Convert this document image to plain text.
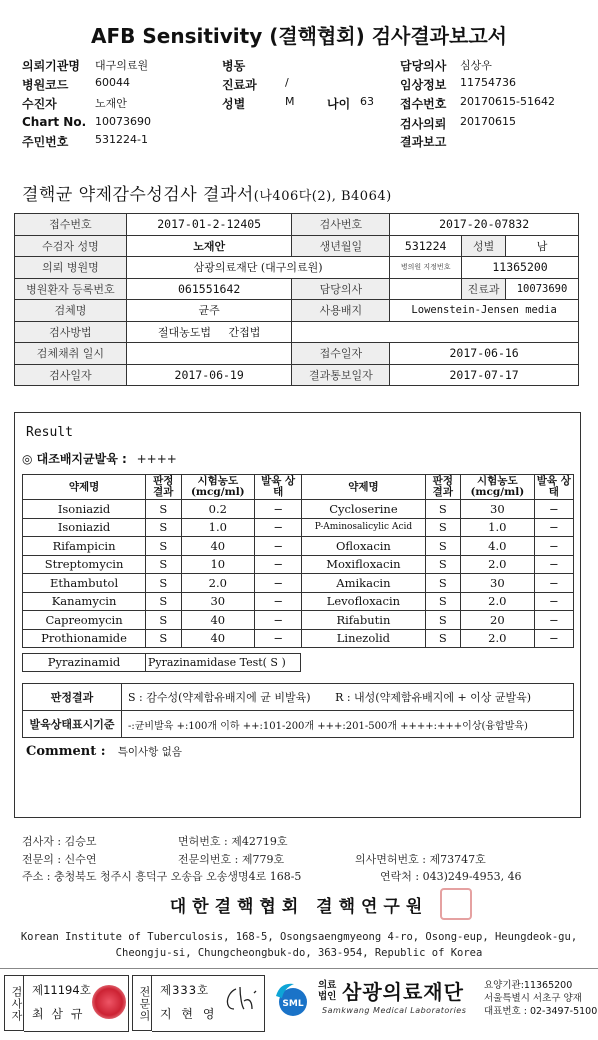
AFB Sensitivity (결핵협회) 검사결과보고서
의뢰기관명 대구의료원	병동	담당의사 심상우
병원코드 60044	진료과	/	임상정보 11754736
수진자	노재안	성별	M	나이 63 접수번호 20170615-51642
Chart No. 10073690	검사의뢰 20170615
주민번호 531224-1	결과보고
결핵균 약제감수성검사 결과서(나406다(2), B4064)
접수번호	2017-01-2-12405	검사번호	2017-20-07832		
수검자 성명	노재안	생년월일	531224	성별	남
의뢰 병원명	삼광의료재단 (대구의료원)		병의원 지정번호	11365200	
병원환자 등록번호	061551642	담당의사		진료과	10073690
검체명	균주	사용배지	Lowenstein-Jensen media		
검사방법	절대농도법 간접법				
검체채취 일시		접수일자	2017-06-16		
검사일자	2017-06-19	결과통보일자	2017-07-17		
Result
◎ 대조배지균발육 : ++++
약제명	판정 결과	시험농도 (mcg/ml)	발육 상태	약제명	판정 결과	시험농도 (mcg/ml)	발육 상태
Isoniazid	S	0.2	−	Cycloserine	S	30	−
Isoniazid	S	1.0	−	P-Aminosalicylic Acid	S	1.0	−
Rifampicin	S	40	−	Ofloxacin	S	4.0	−
Streptomycin	S	10	−	Moxifloxacin	S	2.0	−
Ethambutol	S	2.0	−	Amikacin	S	30	−
Kanamycin	S	30	−	Levofloxacin	S	2.0	−
Capreomycin	S	40	−	Rifabutin	S	20	−
Prothionamide	S	40	−	Linezolid	S	2.0	−
Pyrazinamid	Pyrazinamidase Test( S )
판정결과	S : 감수성(약제함유배지에 균 비발육) R : 내성(약제함유배지에 + 이상 균발육)
발육상태표시기준	-:균비발육 +:100개 이하 ++:101-200개 +++:201-500개 ++++:+++이상(융합발육)
Comment : 특이사항 없음
검사자 : 김승모	면허번호 : 제42719호
전문의 : 신수연	전문의번호 : 제779호	의사면허번호 : 제73747호
주소 : 충청북도 청주시 흥덕구 오송읍 오송생명4로 168-5	연락처 : 043)249-4953, 46
대한결핵협회 결핵연구원
Korean Institute of Tuberculosis, 168-5, Osongsaengmyeong 4-ro, Osong-eup, Heungdeok-gu,
Cheongju-si, Chungcheongbuk-do, 363-954, Republic of Korea
검사자 제11194호
최 삼 규	전문의 제333호
지 현 영
SML
의료법인 삼광의료재단
Samkwang Medical Laboratories
요양기관:11365200
서울특별시 서초구 양재
대표번호 : 02-3497-5100
